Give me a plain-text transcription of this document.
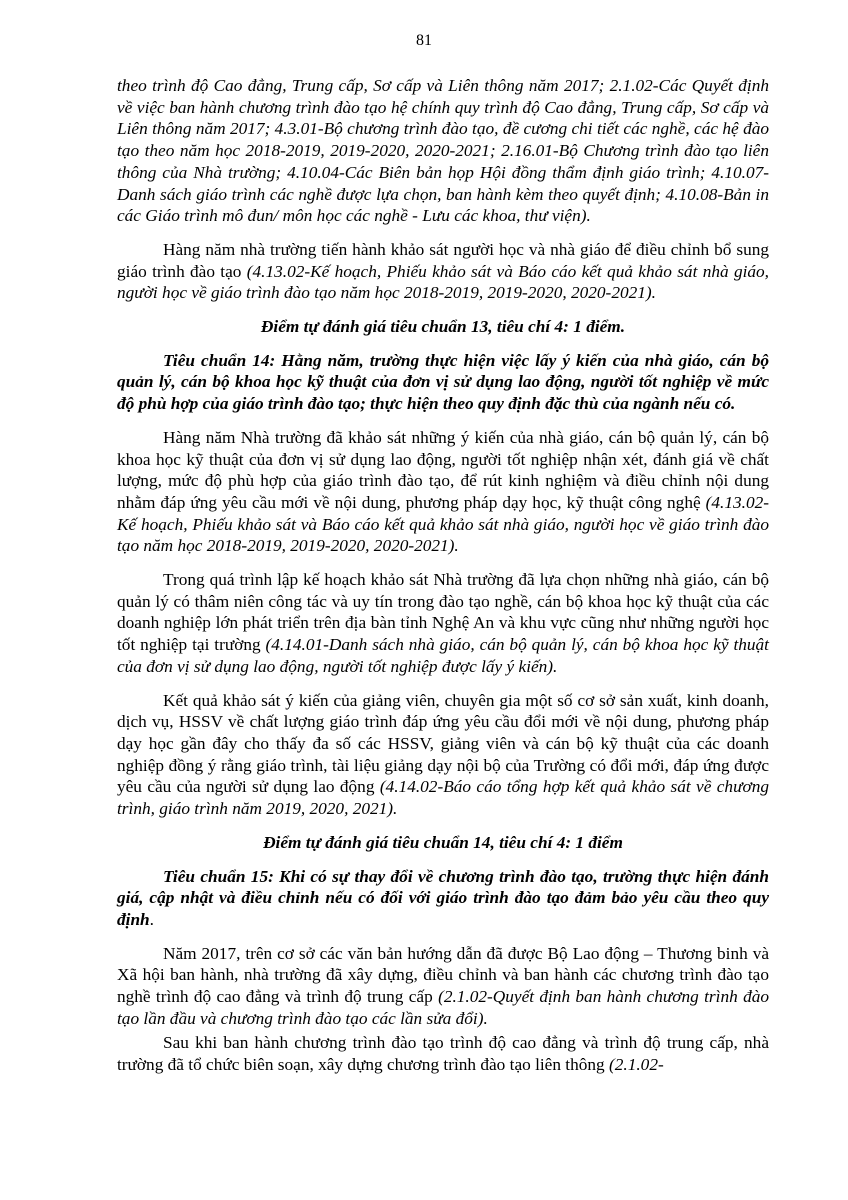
81

theo trình độ Cao đẳng, Trung cấp, Sơ cấp và Liên thông năm 2017; 2.1.02-Các Quyết định về việc ban hành chương trình đào tạo hệ chính quy trình độ Cao đẳng, Trung cấp, Sơ cấp và Liên thông năm 2017; 4.3.01-Bộ chương trình đào tạo, đề cương chi tiết các nghề, các hệ đào tạo theo năm học 2018-2019, 2019-2020, 2020-2021; 2.16.01-Bộ Chương trình đào tạo liên thông của Nhà trường; 4.10.04-Các Biên bản họp Hội đồng thẩm định giáo trình; 4.10.07-Danh sách giáo trình các nghề được lựa chọn, ban hành kèm theo quyết định; 4.10.08-Bản in các Giáo trình mô đun/ môn học các nghề - Lưu các khoa, thư viện).

Hàng năm nhà trường tiến hành khảo sát người học và nhà giáo để điều chỉnh bổ sung giáo trình đào tạo (4.13.02-Kế hoạch, Phiếu khảo sát và Báo cáo kết quả khảo sát nhà giáo, người học về giáo trình đào tạo năm học 2018-2019, 2019-2020, 2020-2021).

Điểm tự đánh giá tiêu chuẩn 13, tiêu chí 4: 1 điểm.

Tiêu chuẩn 14: Hằng năm, trường thực hiện việc lấy ý kiến của nhà giáo, cán bộ quản lý, cán bộ khoa học kỹ thuật của đơn vị sử dụng lao động, người tốt nghiệp về mức độ phù hợp của giáo trình đào tạo; thực hiện theo quy định đặc thù của ngành nếu có.

Hàng năm Nhà trường đã khảo sát những ý kiến của nhà giáo, cán bộ quản lý, cán bộ khoa học kỹ thuật của đơn vị sử dụng lao động, người tốt nghiệp nhận xét, đánh giá về chất lượng, mức độ phù hợp của giáo trình đào tạo, để rút kinh nghiệm và điều chỉnh nội dung nhằm đáp ứng yêu cầu mới về nội dung, phương pháp dạy học, kỹ thuật công nghệ (4.13.02-Kế hoạch, Phiếu khảo sát và Báo cáo kết quả khảo sát nhà giáo, người học về giáo trình đào tạo năm học 2018-2019, 2019-2020, 2020-2021).

Trong quá trình lập kế hoạch khảo sát Nhà trường đã lựa chọn những nhà giáo, cán bộ quản lý có thâm niên công tác và uy tín trong đào tạo nghề, cán bộ khoa học kỹ thuật của các doanh nghiệp lớn phát triển trên địa bàn tỉnh Nghệ An và khu vực cũng như những người học tốt nghiệp tại trường (4.14.01-Danh sách nhà giáo, cán bộ quản lý, cán bộ khoa học kỹ thuật của đơn vị sử dụng lao động, người tốt nghiệp được lấy ý kiến).

Kết quả khảo sát ý kiến của giảng viên, chuyên gia một số cơ sở sản xuất, kinh doanh, dịch vụ, HSSV về chất lượng giáo trình đáp ứng yêu cầu đổi mới về nội dung, phương pháp dạy học gần đây cho thấy đa số các HSSV, giảng viên và cán bộ kỹ thuật của các doanh nghiệp đồng ý rằng giáo trình, tài liệu giảng dạy nội bộ của Trường có đổi mới, đáp ứng được yêu cầu của người sử dụng lao động (4.14.02-Báo cáo tổng hợp kết quả khảo sát về chương trình, giáo trình năm 2019, 2020, 2021).

Điểm tự đánh giá tiêu chuẩn 14, tiêu chí 4: 1 điểm

Tiêu chuẩn 15: Khi có sự thay đổi về chương trình đào tạo, trường thực hiện đánh giá, cập nhật và điều chỉnh nếu có đối với giáo trình đào tạo đảm bảo yêu cầu theo quy định.

Năm 2017, trên cơ sở các văn bản hướng dẫn đã được Bộ Lao động – Thương binh và Xã hội ban hành, nhà trường đã xây dựng, điều chỉnh và ban hành các chương trình đào tạo nghề trình độ cao đẳng và trình độ trung cấp (2.1.02-Quyết định ban hành chương trình đào tạo lần đầu và chương trình đào tạo các lần sửa đổi).

Sau khi ban hành chương trình đào tạo trình độ cao đẳng và trình độ trung cấp, nhà trường đã tổ chức biên soạn, xây dựng chương trình đào tạo liên thông (2.1.02-
